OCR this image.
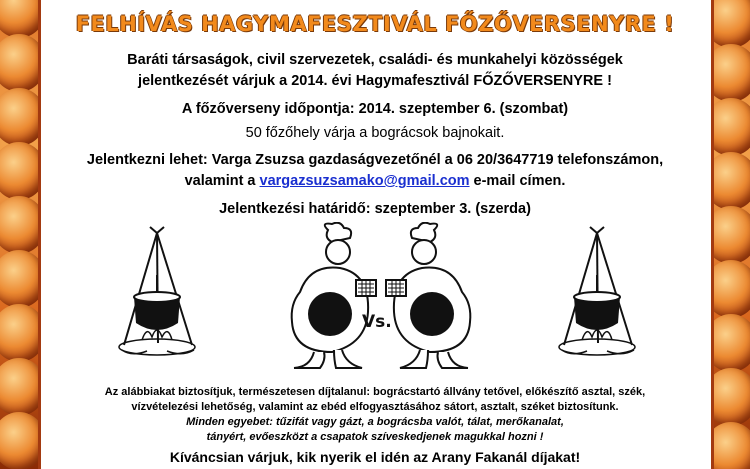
FELHÍVÁS HAGYMAFESZTIVÁL FŐZŐVERSENYRE !
Baráti társaságok, civil szervezetek, családi- és munkahelyi közösségek
jelentkezését várjuk a 2014. évi Hagymafesztivál FŐZŐVERSENYRE !
A főzőverseny időpontja: 2014. szeptember 6. (szombat)
50 főzőhely várja a bográcsok bajnokait.
Jelentkezni lehet: Varga Zsuzsa gazdaságvezetőnél a 06 20/3647719 telefonszámon,
valamint a vargazsuzsamako@gmail.com e-mail címen.
Jelentkezési határidő: szeptember 3. (szerda)
Vs.
Az alábbiakat biztosítjuk, természetesen díjtalanul: bográcstartó állvány tetővel, előkészítő asztal, szék,
vízvételezési lehetőség, valamint az ebéd elfogyasztásához sátort, asztalt, széket biztosítunk.
Minden egyebet: tűzifát vagy gázt, a bográcsba valót, tálat, merőkanalat,
tányért, evőeszközt a csapatok szíveskedjenek magukkal hozni !
Kíváncsian várjuk, kik nyerik el idén az Arany Fakanál díjakat!
